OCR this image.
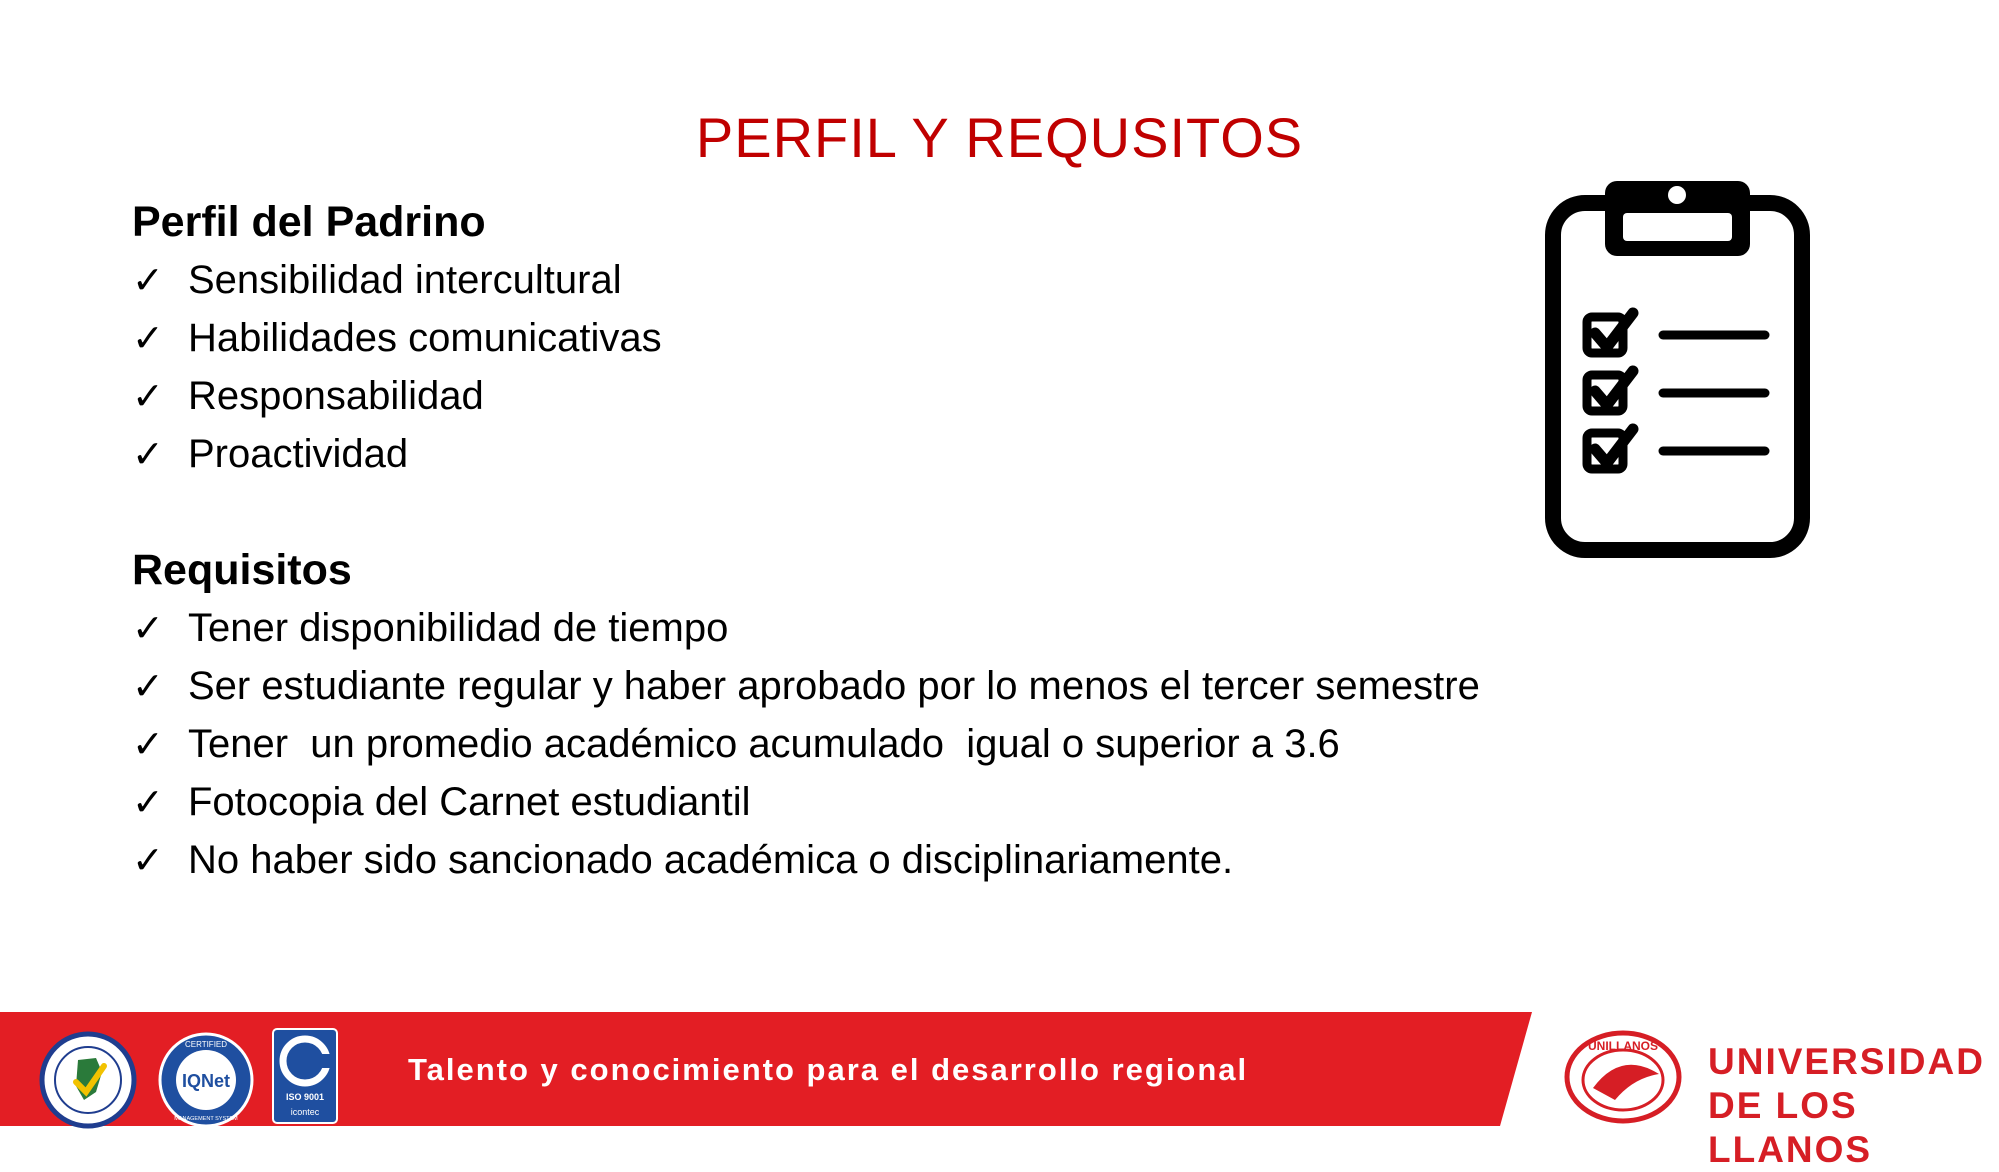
PERFIL Y REQUSITOS
Perfil del Padrino
✓ Sensibilidad intercultural
✓ Habilidades comunicativas
✓ Responsabilidad
✓ Proactividad
Requisitos
✓ Tener disponibilidad de tiempo
✓ Ser estudiante regular y haber aprobado por lo menos el tercer semestre
✓ Tener  un promedio académico acumulado  igual o superior a 3.6
✓ Fotocopia del Carnet estudiantil
✓ No haber sido sancionado académica o disciplinariamente.
IQNet
CERTIFIED
MANAGEMENT SYSTEM
ISO 9001
icontec
Talento y conocimiento para el desarrollo regional
UNILLANOS UNIVERSIDAD
DE LOS LLANOS
